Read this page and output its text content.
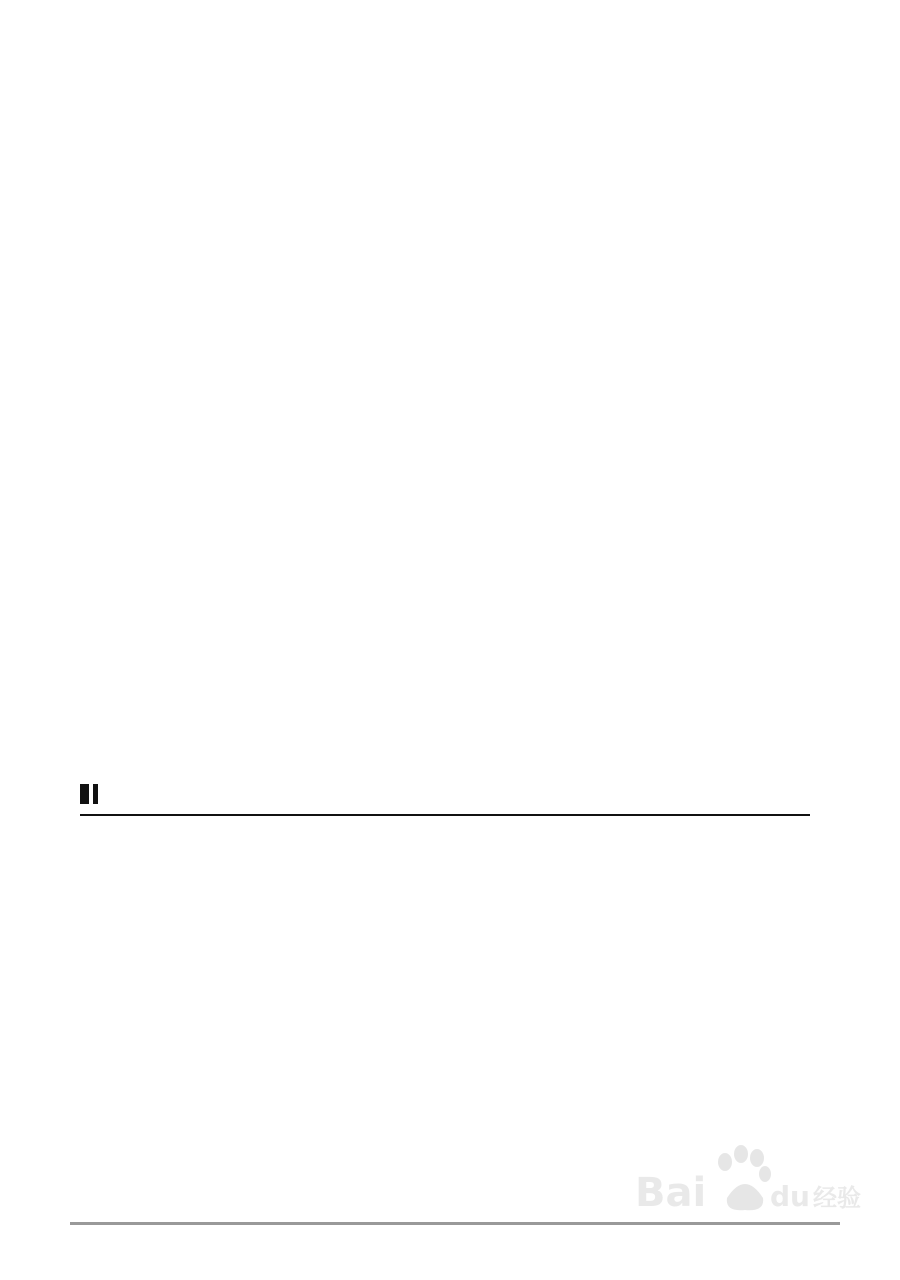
Bai du 经验
